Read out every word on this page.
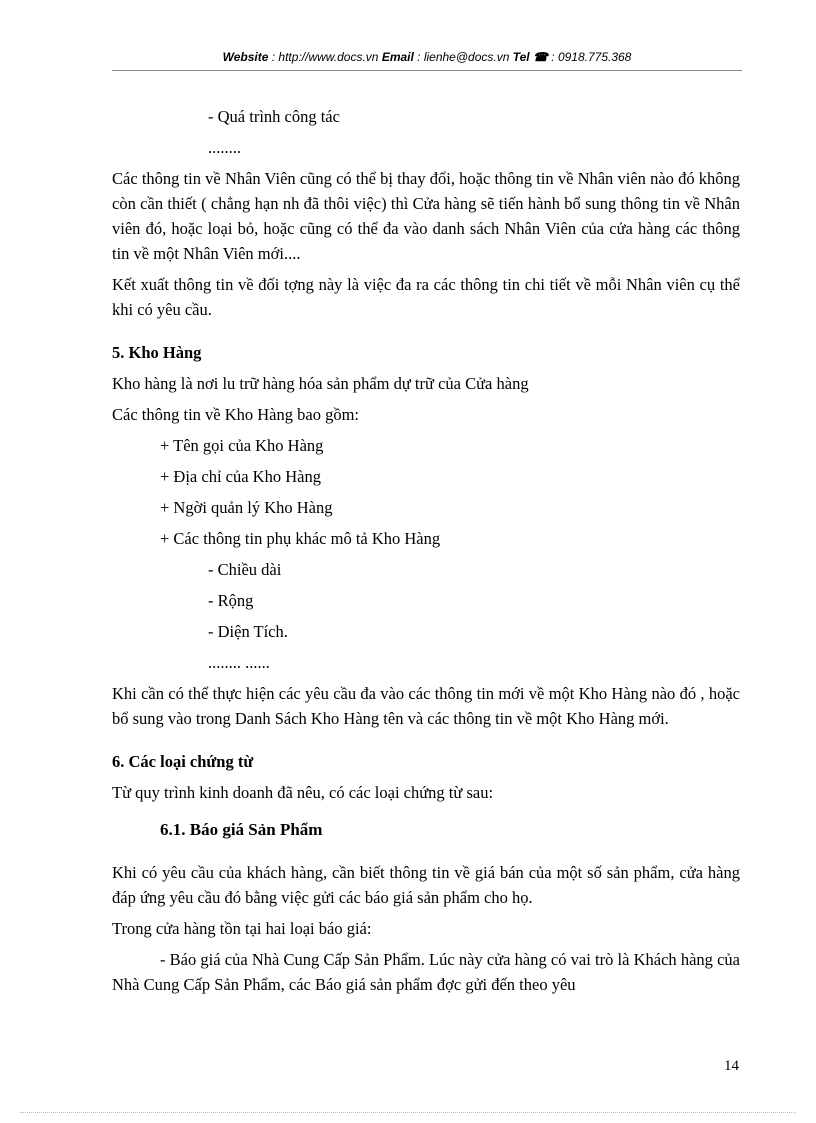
Website : http://www.docs.vn Email : lienhe@docs.vn Tel ☎ : 0918.775.368

- Quá trình công tác

........

Các thông tin về Nhân Viên cũng có thể bị thay đổi, hoặc thông tin về Nhân viên nào đó không còn cần thiết ( chẳng hạn nh đã thôi việc) thì Cửa hàng sẽ tiến hành bổ sung thông tin về Nhân viên đó, hoặc loại bỏ, hoặc cũng có thể đa vào danh sách Nhân Viên của cửa hàng các thông tin về một Nhân Viên mới....

Kết xuất thông tin về đối tợng này là việc đa ra các thông tin chi tiết về mỗi Nhân viên cụ thể khi có yêu cầu.

5. Kho Hàng

Kho hàng là nơi lu trữ hàng hóa sản phẩm dự trữ của Cửa hàng

Các thông tin về Kho Hàng bao gồm:

+ Tên gọi của Kho Hàng

+ Địa chỉ của Kho Hàng

+ Ngời quản lý Kho Hàng

+ Các thông tin phụ khác mô tả Kho Hàng

- Chiều dài

- Rộng

- Diện Tích.

........ ......

Khi cần có thể thực hiện các yêu cầu đa vào các thông tin mới về một Kho Hàng nào đó , hoặc bổ sung vào trong Danh Sách Kho Hàng tên và các thông tin về một Kho Hàng mới.

6. Các loại chứng từ

Từ quy trình kinh doanh đã nêu, có các loại chứng từ sau:

6.1. Báo giá Sản Phẩm

Khi có yêu cầu của khách hàng, cần biết thông tin về giá bán của một số sản phẩm, cửa hàng đáp ứng yêu cầu đó bằng việc gửi các báo giá sản phẩm cho họ.

Trong cửa hàng tồn tại hai loại báo giá:

- Báo giá của Nhà Cung Cấp Sản Phẩm. Lúc này cửa hàng có vai trò là Khách hàng của Nhà Cung Cấp Sản Phẩm, các Báo giá sản phẩm đợc gửi đến theo yêu

14
